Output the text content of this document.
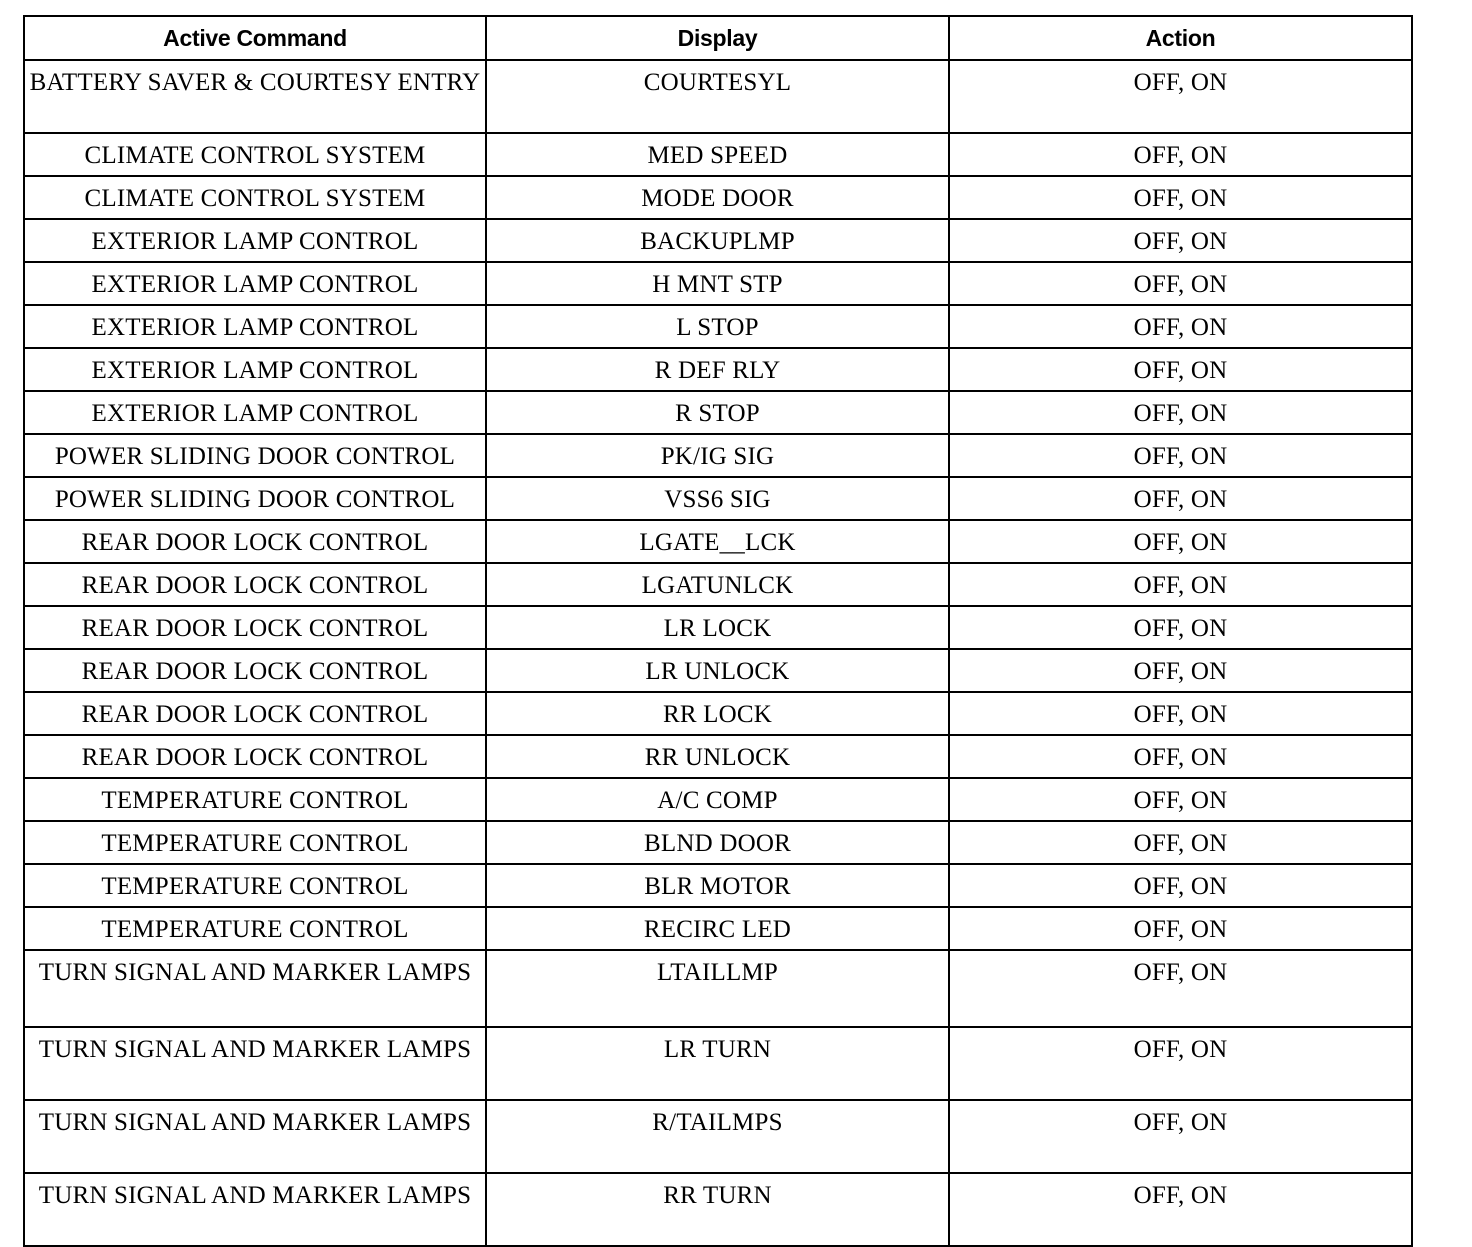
Active Command	Display	Action
BATTERY SAVER & COURTESY ENTRY	COURTESYL	OFF, ON
CLIMATE CONTROL SYSTEM	MED SPEED	OFF, ON
CLIMATE CONTROL SYSTEM	MODE DOOR	OFF, ON
EXTERIOR LAMP CONTROL	BACKUPLMP	OFF, ON
EXTERIOR LAMP CONTROL	H MNT STP	OFF, ON
EXTERIOR LAMP CONTROL	L STOP	OFF, ON
EXTERIOR LAMP CONTROL	R DEF RLY	OFF, ON
EXTERIOR LAMP CONTROL	R STOP	OFF, ON
POWER SLIDING DOOR CONTROL	PK/IG SIG	OFF, ON
POWER SLIDING DOOR CONTROL	VSS6 SIG	OFF, ON
REAR DOOR LOCK CONTROL	LGATE__LCK	OFF, ON
REAR DOOR LOCK CONTROL	LGATUNLCK	OFF, ON
REAR DOOR LOCK CONTROL	LR LOCK	OFF, ON
REAR DOOR LOCK CONTROL	LR UNLOCK	OFF, ON
REAR DOOR LOCK CONTROL	RR LOCK	OFF, ON
REAR DOOR LOCK CONTROL	RR UNLOCK	OFF, ON
TEMPERATURE CONTROL	A/C COMP	OFF, ON
TEMPERATURE CONTROL	BLND DOOR	OFF, ON
TEMPERATURE CONTROL	BLR MOTOR	OFF, ON
TEMPERATURE CONTROL	RECIRC LED	OFF, ON
TURN SIGNAL AND MARKER LAMPS	LTAILLMP	OFF, ON
TURN SIGNAL AND MARKER LAMPS	LR TURN	OFF, ON
TURN SIGNAL AND MARKER LAMPS	R/TAILMPS	OFF, ON
TURN SIGNAL AND MARKER LAMPS	RR TURN	OFF, ON
